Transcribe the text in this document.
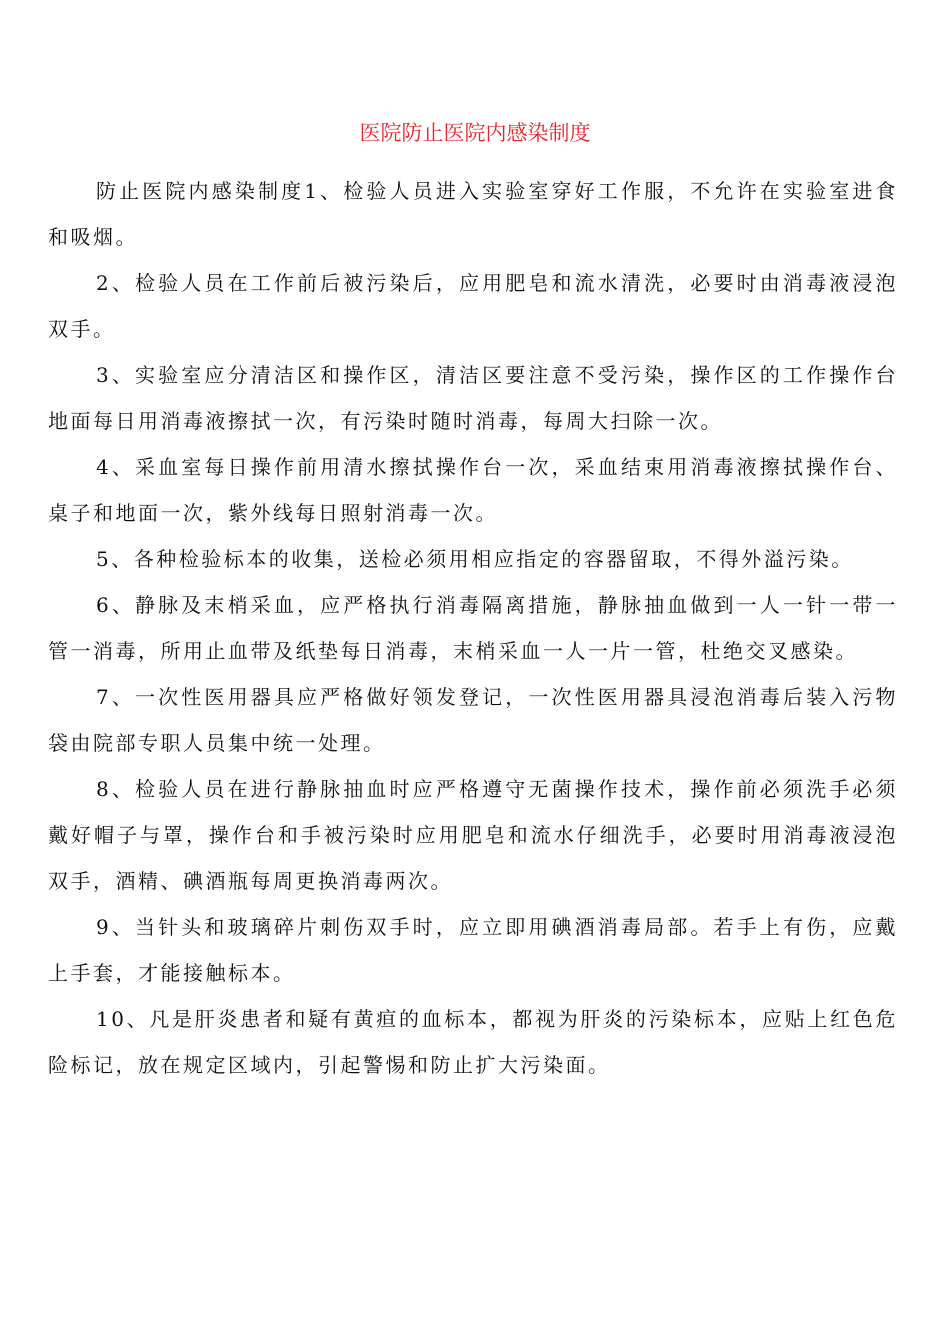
医院防止医院内感染制度

防止医院内感染制度1、检验人员进入实验室穿好工作服，不允许在实验室进食和吸烟。

2、检验人员在工作前后被污染后，应用肥皂和流水清洗，必要时由消毒液浸泡双手。

3、实验室应分清洁区和操作区，清洁区要注意不受污染，操作区的工作操作台地面每日用消毒液擦拭一次，有污染时随时消毒，每周大扫除一次。

4、采血室每日操作前用清水擦拭操作台一次，采血结束用消毒液擦拭操作台、桌子和地面一次，紫外线每日照射消毒一次。

5、各种检验标本的收集，送检必须用相应指定的容器留取，不得外溢污染。

6、静脉及末梢采血，应严格执行消毒隔离措施，静脉抽血做到一人一针一带一管一消毒，所用止血带及纸垫每日消毒，末梢采血一人一片一管，杜绝交叉感染。

7、一次性医用器具应严格做好领发登记，一次性医用器具浸泡消毒后装入污物袋由院部专职人员集中统一处理。

8、检验人员在进行静脉抽血时应严格遵守无菌操作技术，操作前必须洗手必须戴好帽子与罩，操作台和手被污染时应用肥皂和流水仔细洗手，必要时用消毒液浸泡双手，酒精、碘酒瓶每周更换消毒两次。

9、当针头和玻璃碎片刺伤双手时，应立即用碘酒消毒局部。若手上有伤，应戴上手套，才能接触标本。

10、凡是肝炎患者和疑有黄疸的血标本，都视为肝炎的污染标本，应贴上红色危险标记，放在规定区域内，引起警惕和防止扩大污染面。
